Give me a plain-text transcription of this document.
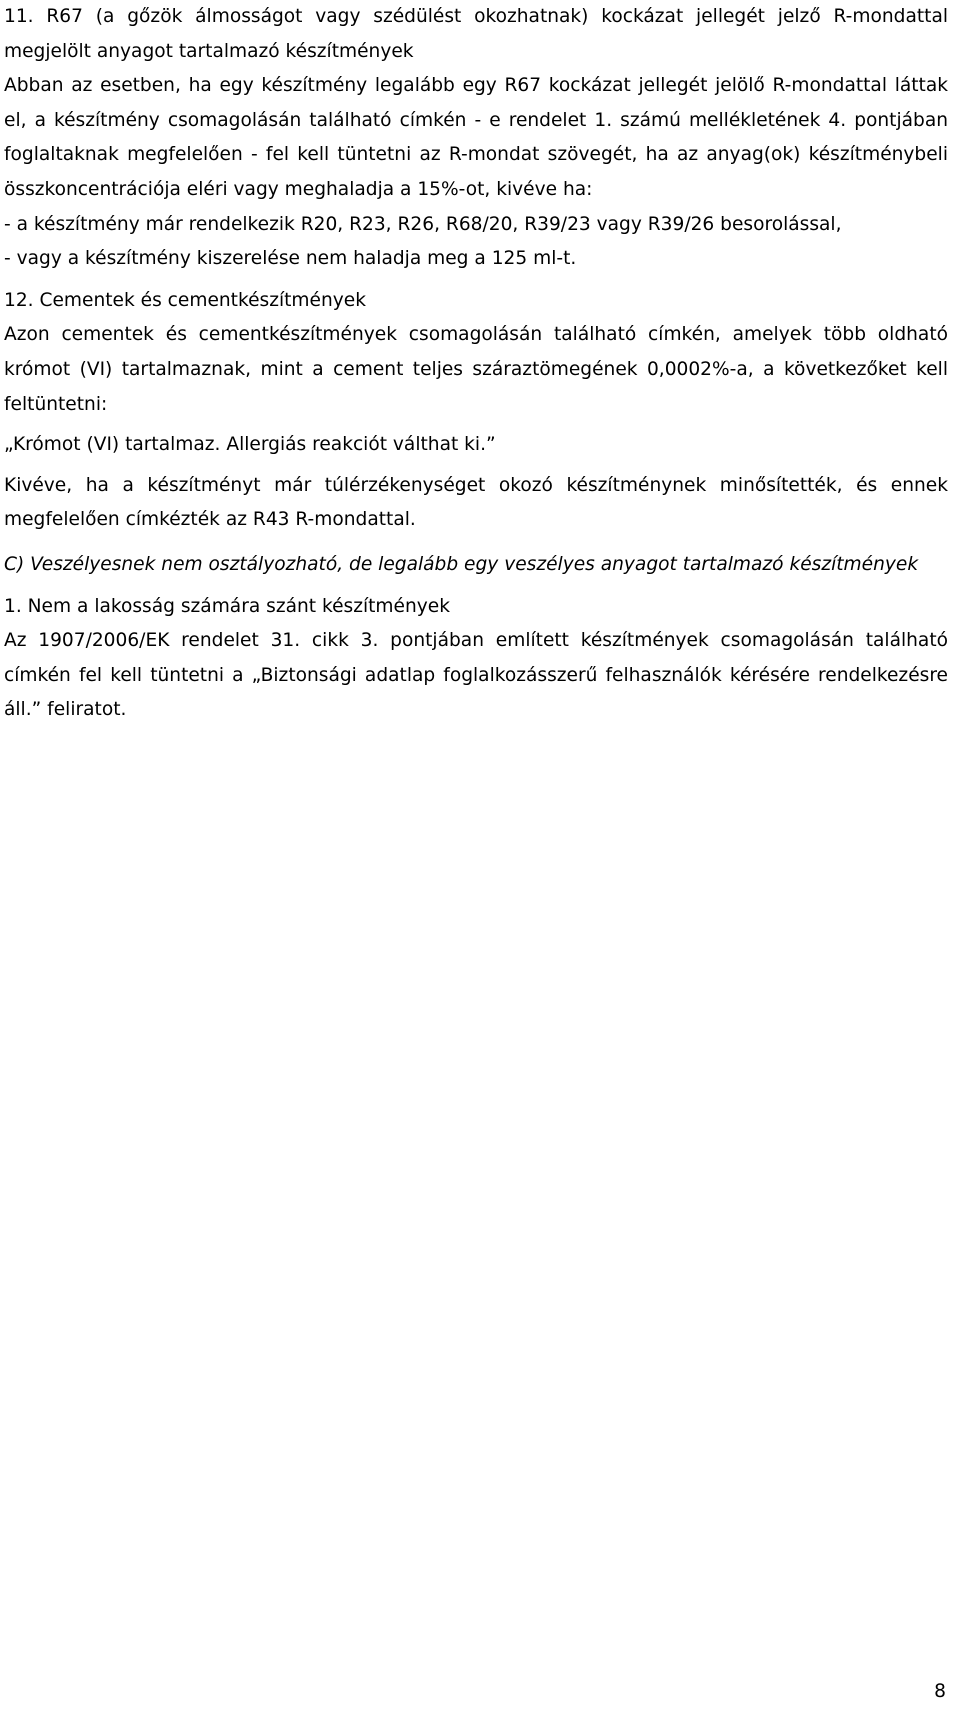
11. R67 (a gőzök álmosságot vagy szédülést okozhatnak) kockázat jellegét jelző R-mondattal megjelölt anyagot tartalmazó készítmények

Abban az esetben, ha egy készítmény legalább egy R67 kockázat jellegét jelölő R-mondattal láttak el, a készítmény csomagolásán található címkén - e rendelet 1. számú mellékletének 4. pontjában foglaltaknak megfelelően - fel kell tüntetni az R-mondat szövegét, ha az anyag(ok) készítménybeli összkoncentrációja eléri vagy meghaladja a 15%-ot, kivéve ha:

- a készítmény már rendelkezik R20, R23, R26, R68/20, R39/23 vagy R39/26 besorolással,

- vagy a készítmény kiszerelése nem haladja meg a 125 ml-t.

12. Cementek és cementkészítmények

Azon cementek és cementkészítmények csomagolásán található címkén, amelyek több oldható krómot (VI) tartalmaznak, mint a cement teljes száraztömegének 0,0002%-a, a következőket kell feltüntetni:

„Krómot (VI) tartalmaz. Allergiás reakciót válthat ki.”

Kivéve, ha a készítményt már túlérzékenységet okozó készítménynek minősítették, és ennek megfelelően címkézték az R43 R-mondattal.

C) Veszélyesnek nem osztályozható, de legalább egy veszélyes anyagot tartalmazó készítmények

1. Nem a lakosság számára szánt készítmények

Az 1907/2006/EK rendelet 31. cikk 3. pontjában említett készítmények csomagolásán található címkén fel kell tüntetni a „Biztonsági adatlap foglalkozásszerű felhasználók kérésére rendelkezésre áll.” feliratot.

8
